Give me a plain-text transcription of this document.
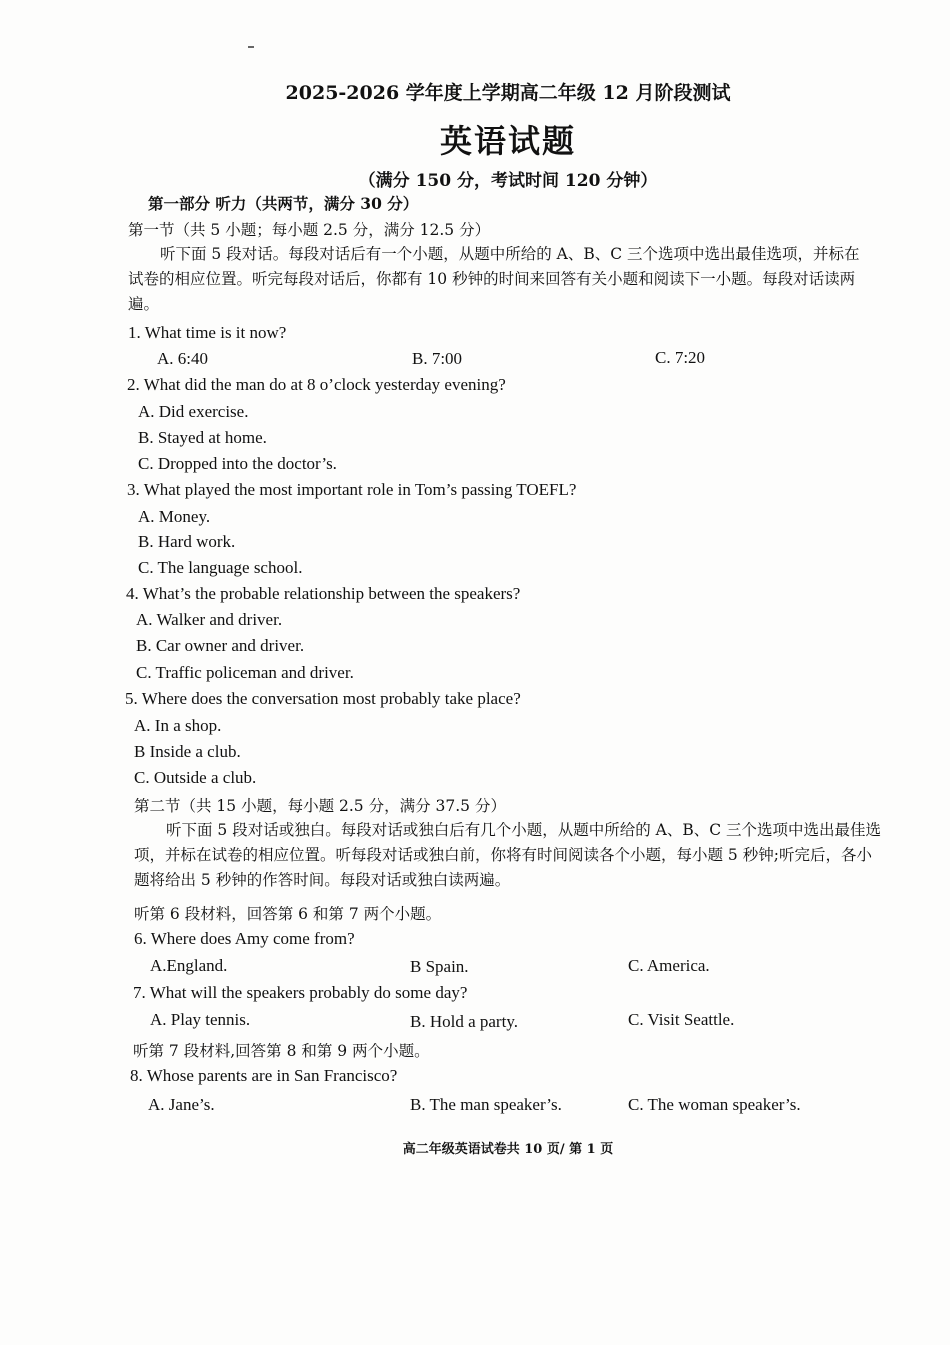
2025-2026 学年度上学期高二年级 12 月阶段测试
英语试题
（满分 150 分，考试时间 120 分钟）
第一部分 听力（共两节，满分 30 分）
第一节（共 5 小题；每小题 2.5 分，满分 12.5 分）
听下面 5 段对话。每段对话后有一个小题，从题中所给的 A、B、C 三个选项中选出最佳选项，并标在试卷的相应位置。听完每段对话后，你都有 10 秒钟的时间来回答有关小题和阅读下一小题。每段对话读两遍。
1. What time is it now?
A. 6:40	B. 7:00	C. 7:20
2. What did the man do at 8 o’clock yesterday evening?
A. Did exercise.
B. Stayed at home.
C. Dropped into the doctor’s.
3. What played the most important role in Tom’s passing TOEFL?
A. Money.
B. Hard work.
C. The language school.
4. What’s the probable relationship between the speakers?
A. Walker and driver.
B. Car owner and driver.
C. Traffic policeman and driver.
5. Where does the conversation most probably take place?
A. In a shop.
B Inside a club.
C. Outside a club.
第二节（共 15 小题，每小题 2.5 分，满分 37.5 分）
听下面 5 段对话或独白。每段对话或独白后有几个小题，从题中所给的 A、B、C 三个选项中选出最佳选项，并标在试卷的相应位置。听每段对话或独白前，你将有时间阅读各个小题，每小题 5 秒钟;听完后，各小题将给出 5 秒钟的作答时间。每段对话或独白读两遍。
听第 6 段材料，回答第 6 和第 7 两个小题。
6. Where does Amy come from?
A.England.	B Spain.	C. America.
7. What will the speakers probably do some day?
A. Play tennis.	B. Hold a party.	C. Visit Seattle.
听第 7 段材料,回答第 8 和第 9 两个小题。
8. Whose parents are in San Francisco?
A. Jane’s.	B. The man speaker’s.	C. The woman speaker’s.
高二年级英语试卷共 10 页/ 第 1 页
